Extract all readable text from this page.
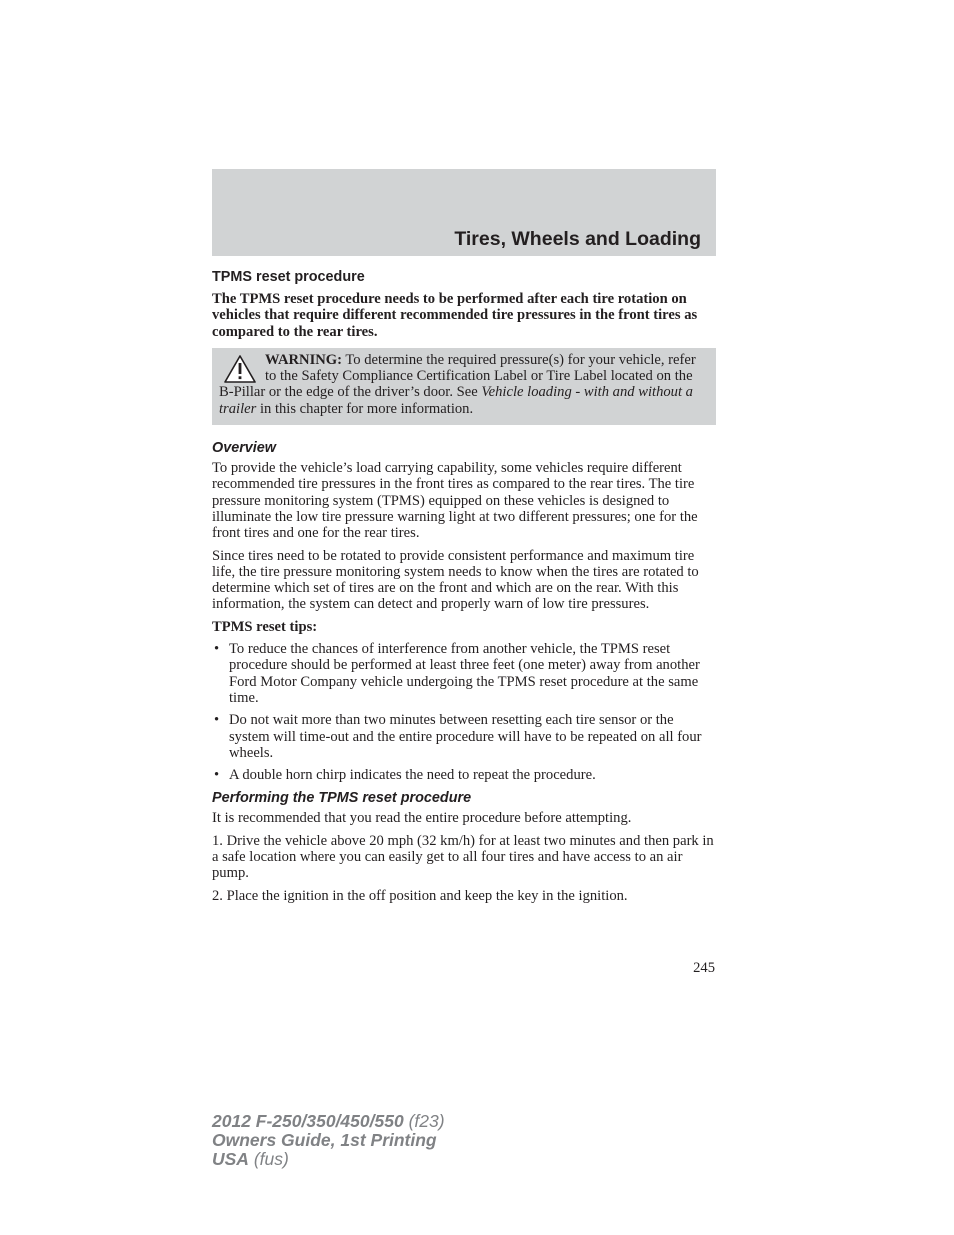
Tires, Wheels and Loading
TPMS reset procedure

The TPMS reset procedure needs to be performed after each tire rotation on vehicles that require different recommended tire pressures in the front tires as compared to the rear tires.

WARNING: To determine the required pressure(s) for your vehicle, refer to the Safety Compliance Certification Label or Tire Label located on the B-Pillar or the edge of the driver’s door. See Vehicle loading - with and without a trailer in this chapter for more information.
Overview

To provide the vehicle’s load carrying capability, some vehicles require different recommended tire pressures in the front tires as compared to the rear tires. The tire pressure monitoring system (TPMS) equipped on these vehicles is designed to illuminate the low tire pressure warning light at two different pressures; one for the front tires and one for the rear tires.

Since tires need to be rotated to provide consistent performance and maximum tire life, the tire pressure monitoring system needs to know when the tires are rotated to determine which set of tires are on the front and which are on the rear. With this information, the system can detect and properly warn of low tire pressures.

TPMS reset tips:

• To reduce the chances of interference from another vehicle, the TPMS reset procedure should be performed at least three feet (one meter) away from another Ford Motor Company vehicle undergoing the TPMS reset procedure at the same time.
• Do not wait more than two minutes between resetting each tire sensor or the system will time-out and the entire procedure will have to be repeated on all four wheels.
• A double horn chirp indicates the need to repeat the procedure.
Performing the TPMS reset procedure

It is recommended that you read the entire procedure before attempting.

1. Drive the vehicle above 20 mph (32 km/h) for at least two minutes and then park in a safe location where you can easily get to all four tires and have access to an air pump.

2. Place the ignition in the off position and keep the key in the ignition.

245
2012 F-250/350/450/550 (f23)
Owners Guide, 1st Printing
USA (fus)
